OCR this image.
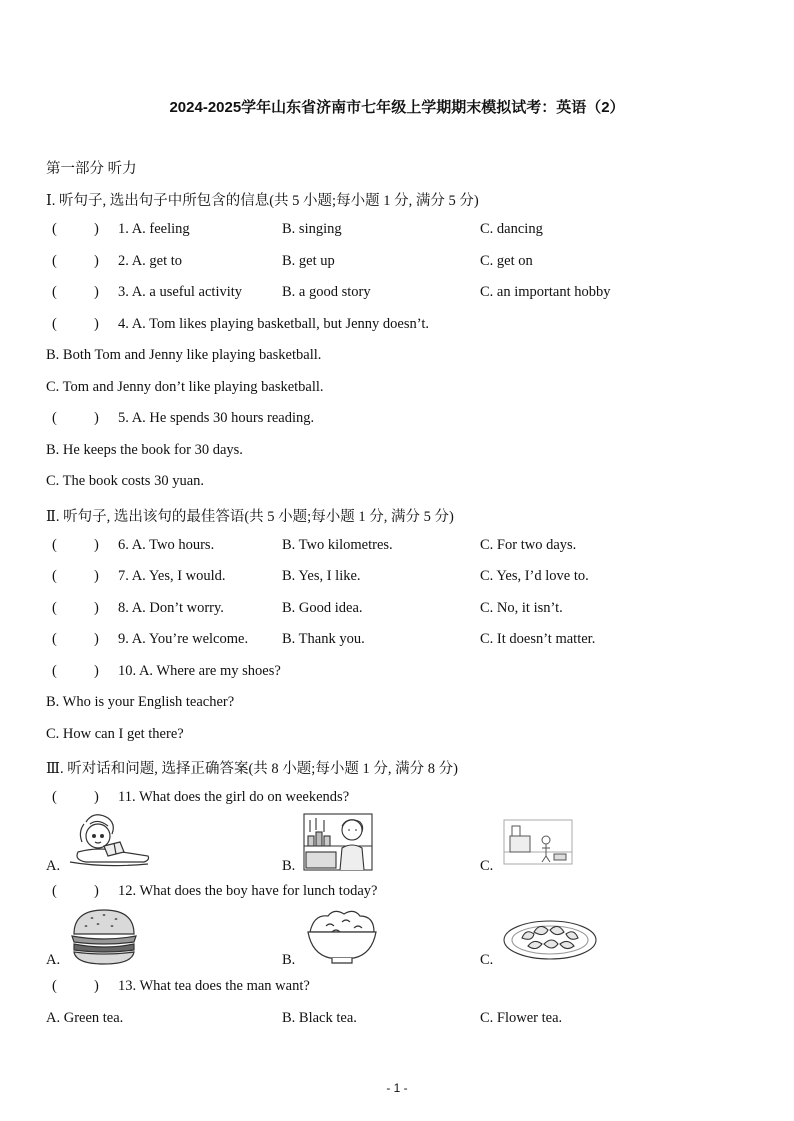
2024-2025学年山东省济南市七年级上学期期末模拟试考：英语（2）
第一部分 听力
Ⅰ. 听句子, 选出句子中所包含的信息(共 5 小题;每小题 1 分, 满分 5 分)
(	) 1. A. feeling	B. singing	C. dancing
(	) 2. A. get to	B. get up	C. get on
(	) 3. A. a useful activity	B. a good story	C. an important hobby
(	) 4. A. Tom likes playing basketball, but Jenny doesn’t.
B. Both Tom and Jenny like playing basketball.
C. Tom and Jenny don’t like playing basketball.
(	) 5. A. He spends 30 hours reading.
B. He keeps the book for 30 days.
C. The book costs 30 yuan.
Ⅱ. 听句子, 选出该句的最佳答语(共 5 小题;每小题 1 分, 满分 5 分)
(	) 6. A. Two hours.	B. Two kilometres.	C. For two days.
(	) 7. A. Yes, I would.	B. Yes, I like.	C. Yes, I’d love to.
(	) 8. A. Don’t worry.	B. Good idea.	C. No, it isn’t.
(	) 9. A. You’re welcome. B. Thank you.	C. It doesn’t matter.
(	) 10. A. Where are my shoes?
B. Who is your English teacher?
C. How can I get there?
Ⅲ. 听对话和问题, 选择正确答案(共 8 小题;每小题 1 分, 满分 8 分)
(	) 11. What does the girl do on weekends?
A.	B.	C.
(	) 12. What does the boy have for lunch today?
A.	B.	C.
(	) 13. What tea does the man want?
A. Green tea.	B. Black tea.	C. Flower tea.
- 1 -
